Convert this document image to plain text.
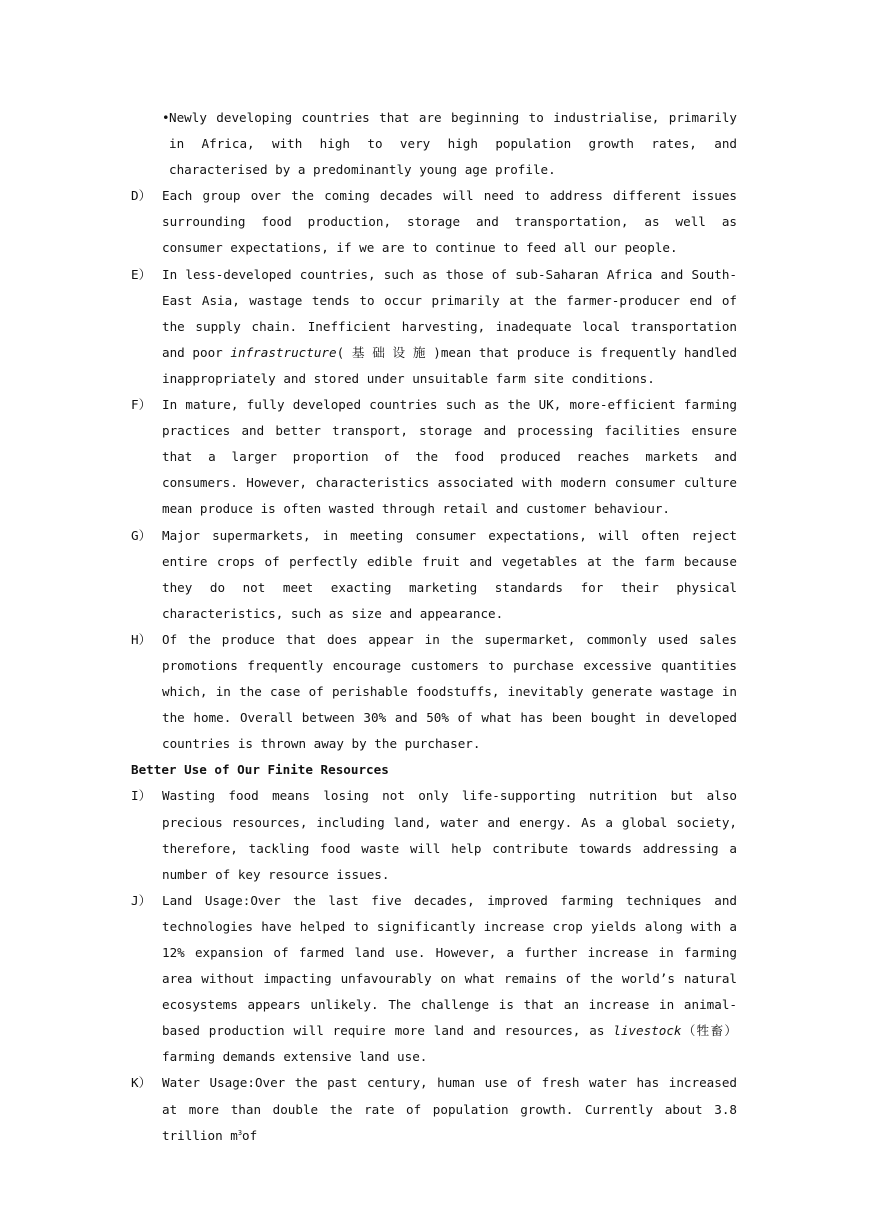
• Newly developing countries that are beginning to industrialise, primarily in Africa, with high to very high population growth rates, and characterised by a predominantly young age profile.

D） Each group over the coming decades will need to address different issues surrounding food production, storage and transportation, as well as consumer expectations, if we are to continue to feed all our people.

E） In less-developed countries, such as those of sub-Saharan Africa and South-East Asia, wastage tends to occur primarily at the farmer-producer end of the supply chain. Inefficient harvesting, inadequate local transportation and poor infrastructure( 基 础 设 施 )mean that produce is frequently handled inappropriately and stored under unsuitable farm site conditions.

F） In mature, fully developed countries such as the UK, more-efficient farming practices and better transport, storage and processing facilities ensure that a larger proportion of the food produced reaches markets and consumers. However, characteristics associated with modern consumer culture mean produce is often wasted through retail and customer behaviour.

G） Major supermarkets, in meeting consumer expectations, will often reject entire crops of perfectly edible fruit and vegetables at the farm because they do not meet exacting marketing standards for their physical characteristics, such as size and appearance.

H） Of the produce that does appear in the supermarket, commonly used sales promotions frequently encourage customers to purchase excessive quantities which, in the case of perishable foodstuffs, inevitably generate wastage in the home. Overall between 30% and 50% of what has been bought in developed countries is thrown away by the purchaser.

Better Use of Our Finite Resources

I） Wasting food means losing not only life-supporting nutrition but also precious resources, including land, water and energy. As a global society, therefore, tackling food waste will help contribute towards addressing a number of key resource issues.

J） Land Usage:Over the last five decades, improved farming techniques and technologies have helped to significantly increase crop yields along with a 12% expansion of farmed land use. However, a further increase in farming area without impacting unfavourably on what remains of the world’s natural ecosystems appears unlikely. The challenge is that an increase in animal-based production will require more land and resources, as livestock（牲畜）farming demands extensive land use.

K） Water Usage:Over the past century, human use of fresh water has increased at more than double the rate of population growth. Currently about 3.8 trillion $m^3of$
